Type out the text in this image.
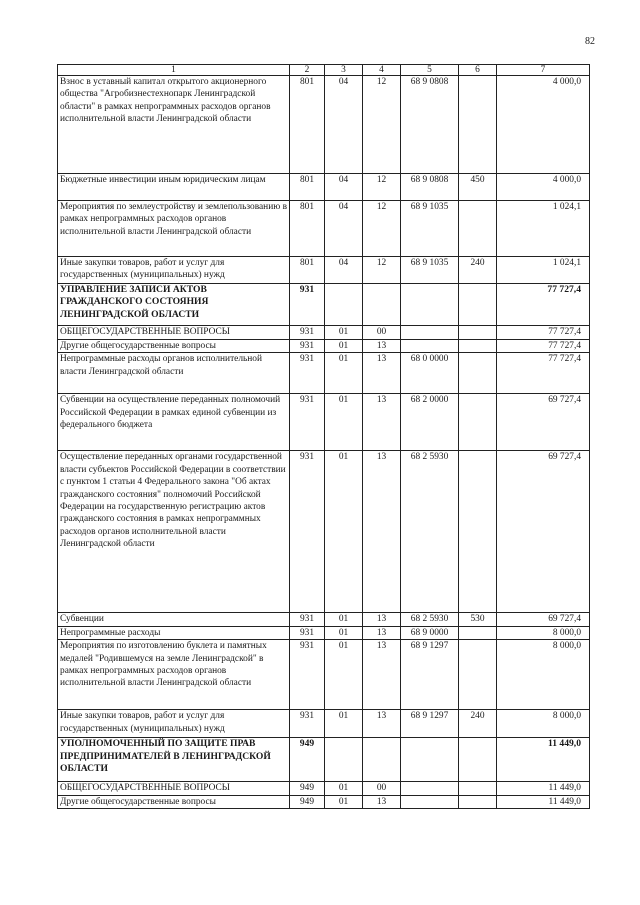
82
1	2	3	4	5	6	7
Взнос в уставный капитал открытого акционерного общества "Агробизнестехнопарк Ленинградской области" в рамках непрограммных расходов органов исполнительной власти Ленинградской области	801	04	12	68 9 0808		4 000,0
Бюджетные инвестиции иным юридическим лицам	801	04	12	68 9 0808	450	4 000,0
Мероприятия по землеустройству и землепользованию в рамках непрограммных расходов органов исполнительной власти Ленинградской области	801	04	12	68 9 1035		1 024,1
Иные закупки товаров, работ и услуг для государственных (муниципальных) нужд	801	04	12	68 9 1035	240	1 024,1
УПРАВЛЕНИЕ ЗАПИСИ АКТОВ ГРАЖДАНСКОГО СОСТОЯНИЯ ЛЕНИНГРАДСКОЙ ОБЛАСТИ	931					77 727,4
ОБЩЕГОСУДАРСТВЕННЫЕ ВОПРОСЫ	931	01	00			77 727,4
Другие общегосударственные вопросы	931	01	13			77 727,4
Непрограммные расходы органов исполнительной власти Ленинградской области	931	01	13	68 0 0000		77 727,4
Субвенции на осуществление переданных полномочий Российской Федерации в рамках единой субвенции из федерального бюджета	931	01	13	68 2 0000		69 727,4
Осуществление переданных органами государственной власти субъектов Российской Федерации в соответствии с пунктом 1 статьи 4 Федерального закона "Об актах гражданского состояния" полномочий Российской Федерации на государственную регистрацию актов гражданского состояния в рамках непрограммных расходов органов исполнительной власти Ленинградской области	931	01	13	68 2 5930		69 727,4
Субвенции	931	01	13	68 2 5930	530	69 727,4
Непрограммные расходы	931	01	13	68 9 0000		8 000,0
Мероприятия по изготовлению буклета и памятных медалей "Родившемуся на земле Ленинградской" в рамках непрограммных расходов органов исполнительной власти Ленинградской области	931	01	13	68 9 1297		8 000,0
Иные закупки товаров, работ и услуг для государственных (муниципальных) нужд	931	01	13	68 9 1297	240	8 000,0
УПОЛНОМОЧЕННЫЙ ПО ЗАЩИТЕ ПРАВ ПРЕДПРИНИМАТЕЛЕЙ В ЛЕНИНГРАДСКОЙ ОБЛАСТИ	949					11 449,0
ОБЩЕГОСУДАРСТВЕННЫЕ ВОПРОСЫ	949	01	00			11 449,0
Другие общегосударственные вопросы	949	01	13			11 449,0
